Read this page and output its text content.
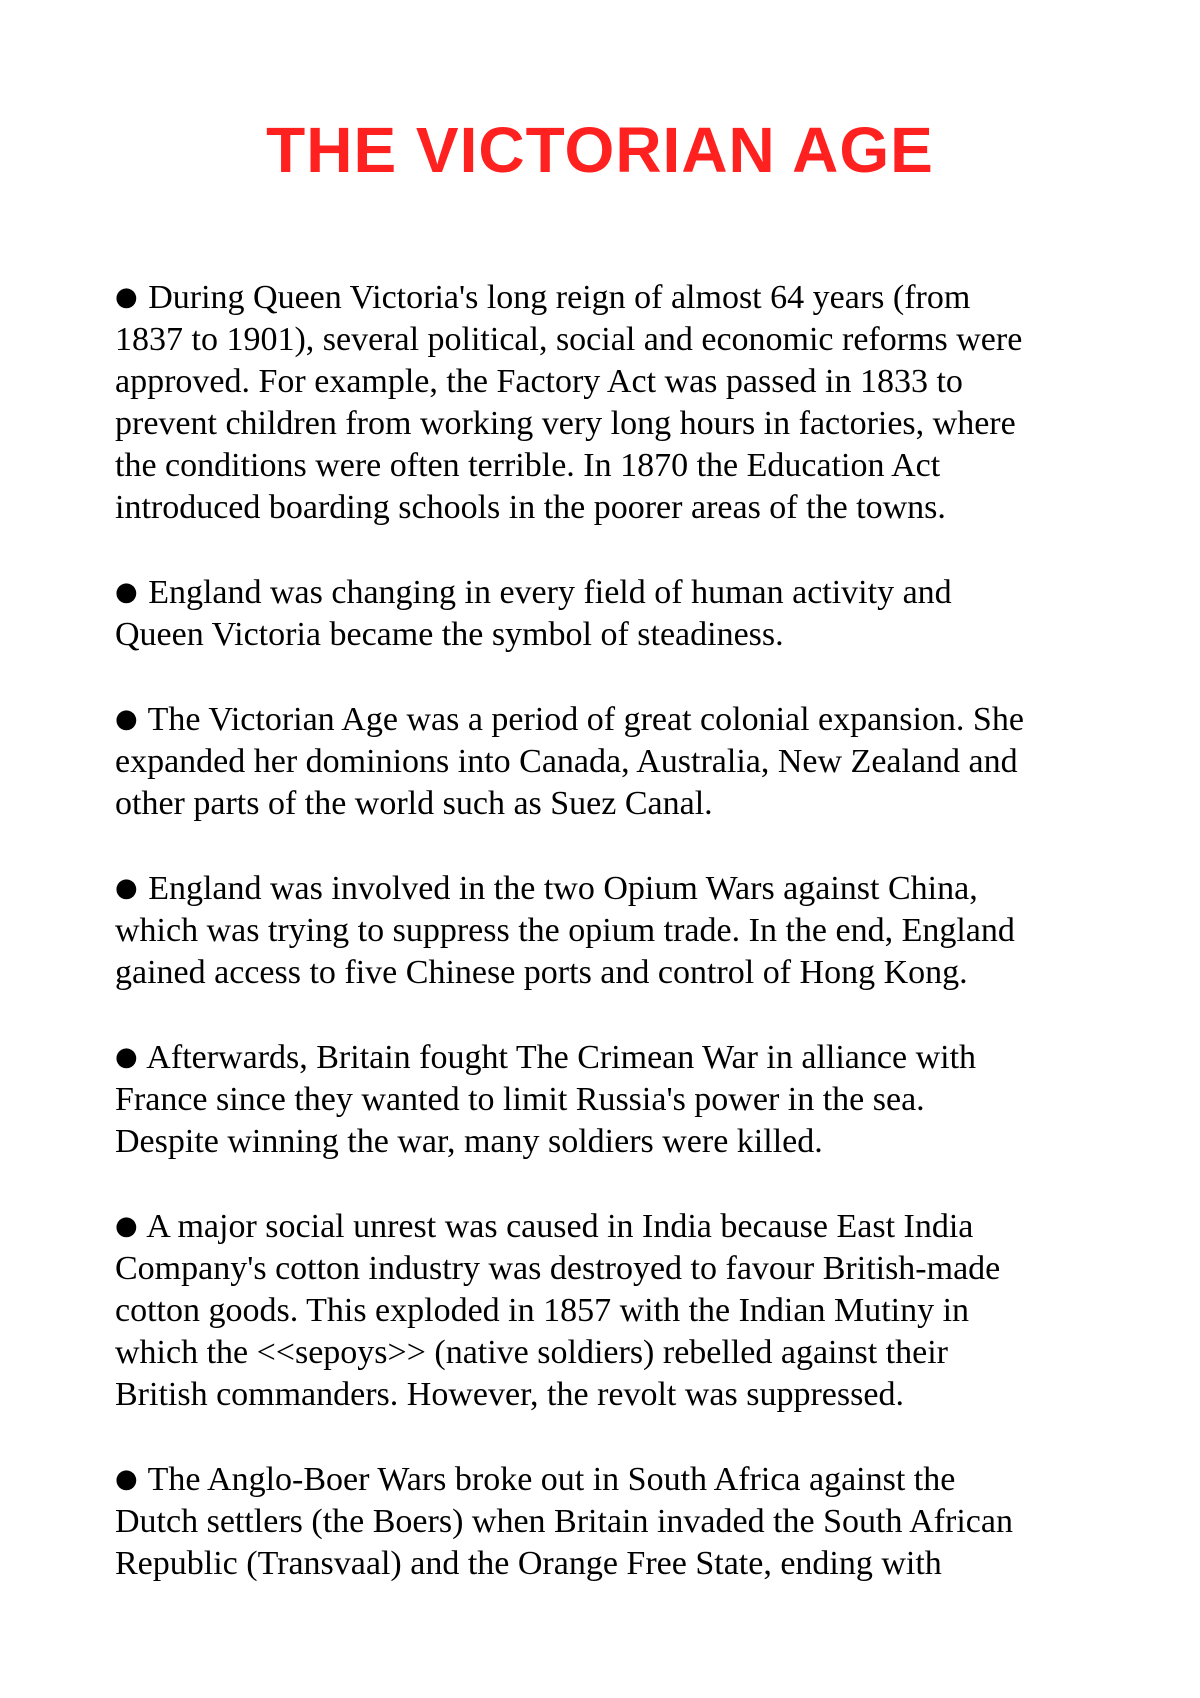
THE VICTORIAN AGE
● During Queen Victoria's long reign of almost 64 years (from
1837 to 1901), several political, social and economic reforms were
approved. For example, the Factory Act was passed in 1833 to
prevent children from working very long hours in factories, where
the conditions were often terrible. In 1870 the Education Act
introduced boarding schools in the poorer areas of the towns.
● England was changing in every field of human activity and
Queen Victoria became the symbol of steadiness.
● The Victorian Age was a period of great colonial expansion. She
expanded her dominions into Canada, Australia, New Zealand and
other parts of the world such as Suez Canal.
● England was involved in the two Opium Wars against China,
which was trying to suppress the opium trade. In the end, England
gained access to five Chinese ports and control of Hong Kong.
● Afterwards, Britain fought The Crimean War in alliance with
France since they wanted to limit Russia's power in the sea.
Despite winning the war, many soldiers were killed.
● A major social unrest was caused in India because East India
Company's cotton industry was destroyed to favour British-made
cotton goods. This exploded in 1857 with the Indian Mutiny in
which the <<sepoys>> (native soldiers) rebelled against their
British commanders. However, the revolt was suppressed.
● The Anglo-Boer Wars broke out in South Africa against the
Dutch settlers (the Boers) when Britain invaded the South African
Republic (Transvaal) and the Orange Free State, ending with
